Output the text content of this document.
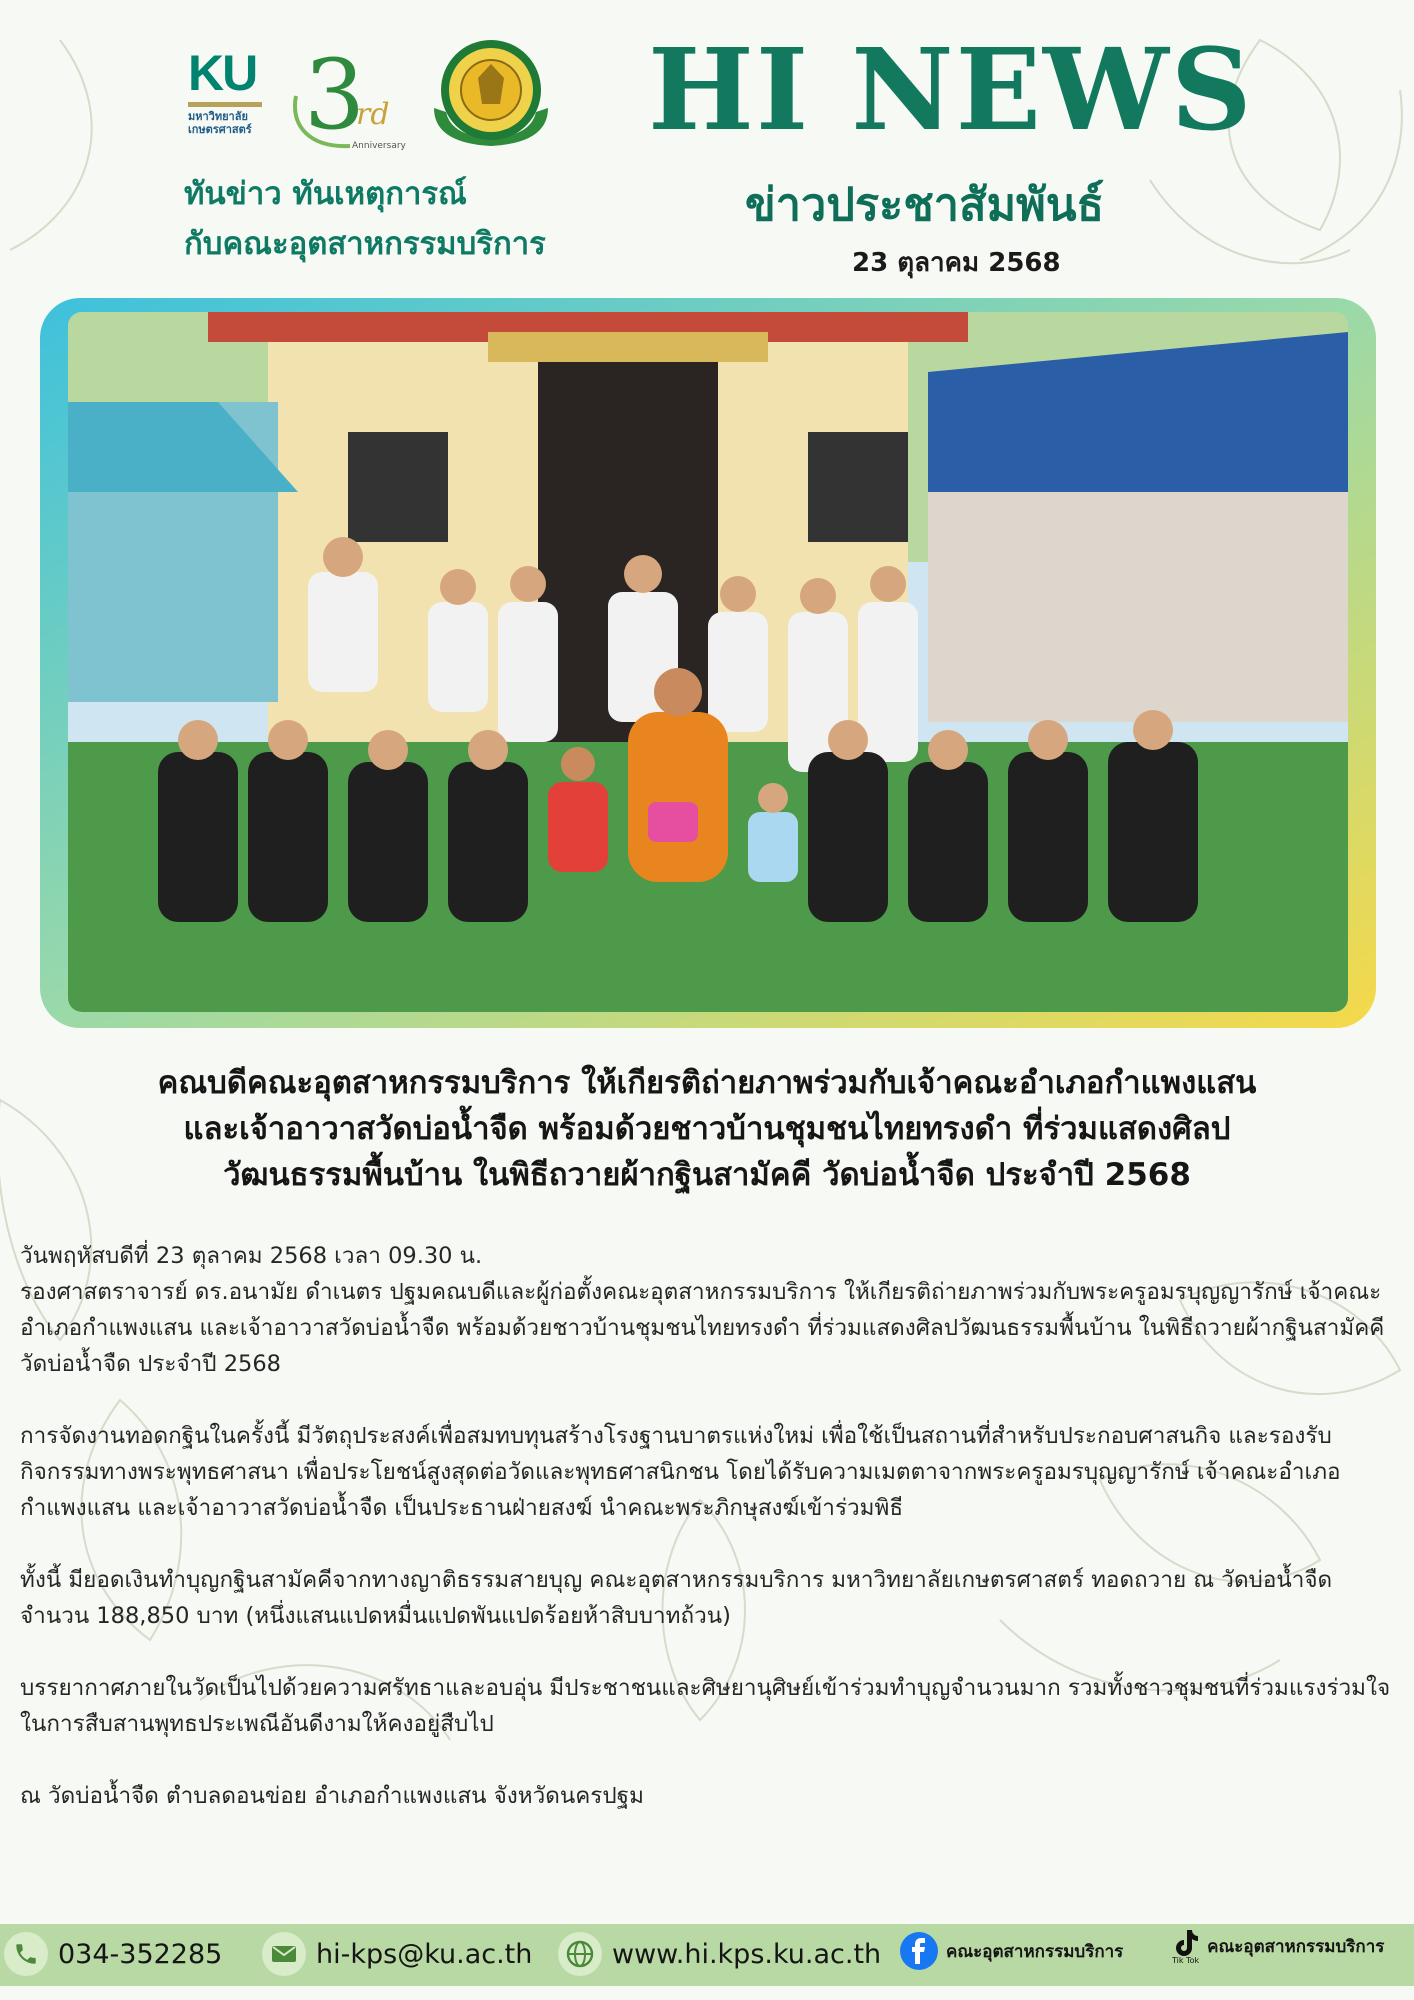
KU
มหาวิทยาลัย
เกษตรศาสตร์ 3
rd
Anniversary
ทันข่าว ทันเหตุการณ์
กับคณะอุตสาหกรรมบริการ
HI NEWS
ข่าวประชาสัมพันธ์
23 ตุลาคม 2568
คณบดีคณะอุตสาหกรรมบริการ ให้เกียรติถ่ายภาพร่วมกับเจ้าคณะอำเภอกำแพงแสน
และเจ้าอาวาสวัดบ่อน้ำจืด พร้อมด้วยชาวบ้านชุมชนไทยทรงดำ ที่ร่วมแสดงศิลป
วัฒนธรรมพื้นบ้าน ในพิธีถวายผ้ากฐินสามัคคี วัดบ่อน้ำจืด ประจำปี 2568

วันพฤหัสบดีที่ 23 ตุลาคม 2568 เวลา 09.30 น.

รองศาสตราจารย์ ดร.อนามัย ดำเนตร ปฐมคณบดีและผู้ก่อตั้งคณะอุตสาหกรรมบริการ ให้เกียรติถ่ายภาพร่วมกับพระครูอมรบุญญารักษ์ เจ้าคณะอำเภอกำแพงแสน และเจ้าอาวาสวัดบ่อน้ำจืด พร้อมด้วยชาวบ้านชุมชนไทยทรงดำ ที่ร่วมแสดงศิลปวัฒนธรรมพื้นบ้าน ในพิธีถวายผ้ากฐินสามัคคี วัดบ่อน้ำจืด ประจำปี 2568

การจัดงานทอดกฐินในครั้งนี้ มีวัตถุประสงค์เพื่อสมทบทุนสร้างโรงฐานบาตรแห่งใหม่ เพื่อใช้เป็นสถานที่สำหรับประกอบศาสนกิจ และรองรับกิจกรรมทางพระพุทธศาสนา เพื่อประโยชน์สูงสุดต่อวัดและพุทธศาสนิกชน โดยได้รับความเมตตาจากพระครูอมรบุญญารักษ์ เจ้าคณะอำเภอกำแพงแสน และเจ้าอาวาสวัดบ่อน้ำจืด เป็นประธานฝ่ายสงฆ์ นำคณะพระภิกษุสงฆ์เข้าร่วมพิธี

ทั้งนี้ มียอดเงินทำบุญกฐินสามัคคีจากทางญาติธรรมสายบุญ คณะอุตสาหกรรมบริการ มหาวิทยาลัยเกษตรศาสตร์ ทอดถวาย ณ วัดบ่อน้ำจืด จำนวน 188,850 บาท (หนึ่งแสนแปดหมื่นแปดพันแปดร้อยห้าสิบบาทถ้วน)

บรรยากาศภายในวัดเป็นไปด้วยความศรัทธาและอบอุ่น มีประชาชนและศิษยานุศิษย์เข้าร่วมทำบุญจำนวนมาก รวมทั้งชาวชุมชนที่ร่วมแรงร่วมใจในการสืบสานพุทธประเพณีอันดีงามให้คงอยู่สืบไป

ณ วัดบ่อน้ำจืด ตำบลดอนข่อย อำเภอกำแพงแสน จังหวัดนครปฐม

034-352285	hi-kps@ku.ac.th	www.hi.kps.ku.ac.th	คณะอุตสาหกรรมบริการ	Tik Tok
คณะอุตสาหกรรมบริการ
